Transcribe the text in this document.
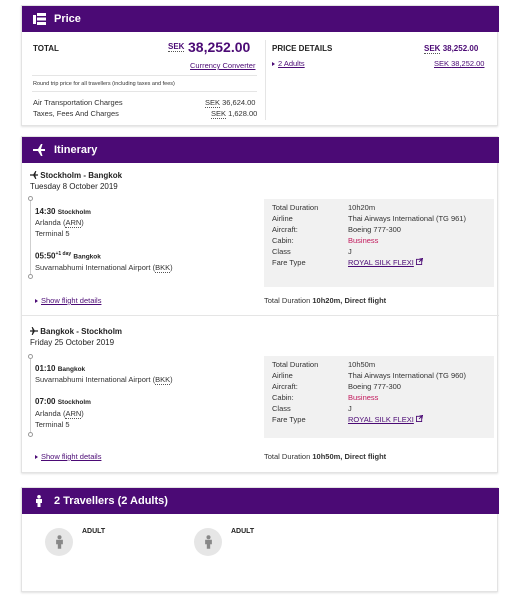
Price
TOTAL	SEK 38,252.00
Currency Converter
Round trip price for all travellers (including taxes and fees)
Air Transportation Charges	SEK 36,624.00
Taxes, Fees And Charges	SEK 1,628.00
PRICE DETAILS	SEK 38,252.00
2 Adults	SEK 38,252.00
Itinerary
Stockholm - Bangkok
Tuesday 8 October 2019
14:30 Stockholm
Arlanda (ARN)
Terminal 5
$05:50^{+1 day}$ Bangkok
Suvarnabhumi International Airport (BKK)
Total Duration	10h20m
Airline	Thai Airways International (TG 961)
Aircraft:	Boeing 777-300
Cabin:	Business
Class	J
Fare Type	ROYAL SILK FLEXI
Show flight details	Total Duration 10h20m, Direct flight
Bangkok - Stockholm
Friday 25 October 2019
01:10 Bangkok
Suvarnabhumi International Airport (BKK)
07:00 Stockholm
Arlanda (ARN)
Terminal 5
Total Duration	10h50m
Airline	Thai Airways International (TG 960)
Aircraft:	Boeing 777-300
Cabin:	Business
Class	J
Fare Type	ROYAL SILK FLEXI
Show flight details	Total Duration 10h50m, Direct flight
2 Travellers (2 Adults)
ADULT	ADULT
